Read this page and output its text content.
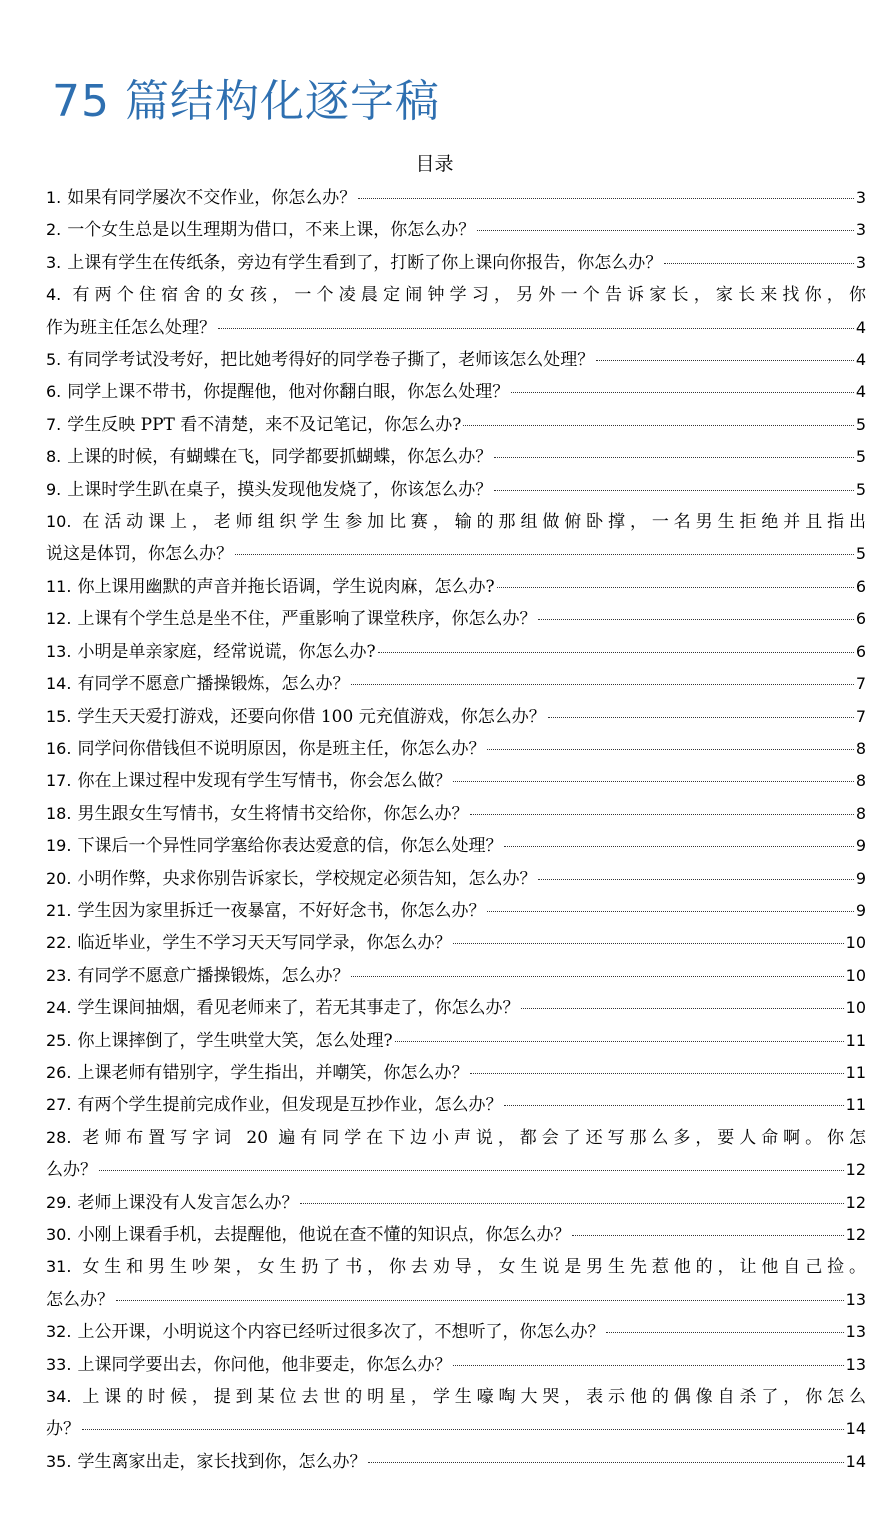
75 篇结构化逐字稿
目录
1. 如果有同学屡次不交作业，你怎么办？	3
2. 一个女生总是以生理期为借口，不来上课，你怎么办？	3
3. 上课有学生在传纸条，旁边有学生看到了，打断了你上课向你报告，你怎么办？	3
4. 有两个住宿舍的女孩，一个凌晨定闹钟学习，另外一个告诉家长，家长来找你，你
作为班主任怎么处理？	4
5. 有同学考试没考好，把比她考得好的同学卷子撕了，老师该怎么处理？	4
6. 同学上课不带书，你提醒他，他对你翻白眼，你怎么处理？	4
7. 学生反映 PPT 看不清楚，来不及记笔记，你怎么办?	5
8. 上课的时候，有蝴蝶在飞，同学都要抓蝴蝶，你怎么办？	5
9. 上课时学生趴在桌子，摸头发现他发烧了，你该怎么办？	5
10. 在活动课上，老师组织学生参加比赛，输的那组做俯卧撑，一名男生拒绝并且指出
说这是体罚，你怎么办？	5
11. 你上课用幽默的声音并拖长语调，学生说肉麻，怎么办?	6
12. 上课有个学生总是坐不住，严重影响了课堂秩序，你怎么办？	6
13. 小明是单亲家庭，经常说谎，你怎么办?	6
14. 有同学不愿意广播操锻炼，怎么办？	7
15. 学生天天爱打游戏，还要向你借 100 元充值游戏，你怎么办？	7
16. 同学问你借钱但不说明原因，你是班主任，你怎么办？	8
17. 你在上课过程中发现有学生写情书，你会怎么做？	8
18. 男生跟女生写情书，女生将情书交给你，你怎么办？	8
19. 下课后一个异性同学塞给你表达爱意的信，你怎么处理？	9
20. 小明作弊，央求你别告诉家长，学校规定必须告知，怎么办？	9
21. 学生因为家里拆迁一夜暴富，不好好念书，你怎么办？	9
22. 临近毕业，学生不学习天天写同学录，你怎么办？	10
23. 有同学不愿意广播操锻炼，怎么办？	10
24. 学生课间抽烟，看见老师来了，若无其事走了，你怎么办？	10
25. 你上课摔倒了，学生哄堂大笑，怎么处理?	11
26. 上课老师有错别字，学生指出，并嘲笑，你怎么办？	11
27. 有两个学生提前完成作业，但发现是互抄作业，怎么办？	11
28. 老师布置写字词 20 遍有同学在下边小声说，都会了还写那么多，要人命啊。你怎
么办？	12
29. 老师上课没有人发言怎么办？	12
30. 小刚上课看手机，去提醒他，他说在查不懂的知识点，你怎么办？	12
31. 女生和男生吵架，女生扔了书，你去劝导，女生说是男生先惹他的，让他自己捡。
怎么办？	13
32. 上公开课，小明说这个内容已经听过很多次了，不想听了，你怎么办？	13
33. 上课同学要出去，你问他，他非要走，你怎么办？	13
34. 上课的时候，提到某位去世的明星，学生嚎啕大哭，表示他的偶像自杀了，你怎么
办？	14
35. 学生离家出走，家长找到你，怎么办？	14
